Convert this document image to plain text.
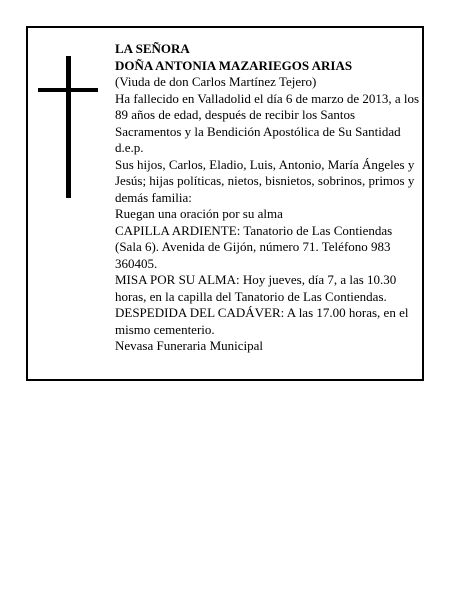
LA SEÑORA

DOÑA ANTONIA MAZARIEGOS ARIAS

(Viuda de don Carlos Martínez Tejero)

Ha fallecido en Valladolid el día 6 de marzo de 2013, a los 89 años de edad, después de recibir los Santos Sacramentos y la Bendición Apostólica de Su Santidad

d.e.p.

Sus hijos, Carlos, Eladio, Luis, Antonio, María Ángeles y Jesús; hijas políticas, nietos, bisnietos, sobrinos, primos y demás familia:

Ruegan una oración por su alma

CAPILLA ARDIENTE: Tanatorio de Las Contiendas (Sala 6). Avenida de Gijón, número 71. Teléfono 983 360405.

MISA POR SU ALMA: Hoy jueves, día 7, a las 10.30 horas, en la capilla del Tanatorio de Las Contiendas.

DESPEDIDA DEL CADÁVER: A las 17.00 horas, en el mismo cementerio.

Nevasa Funeraria Municipal
